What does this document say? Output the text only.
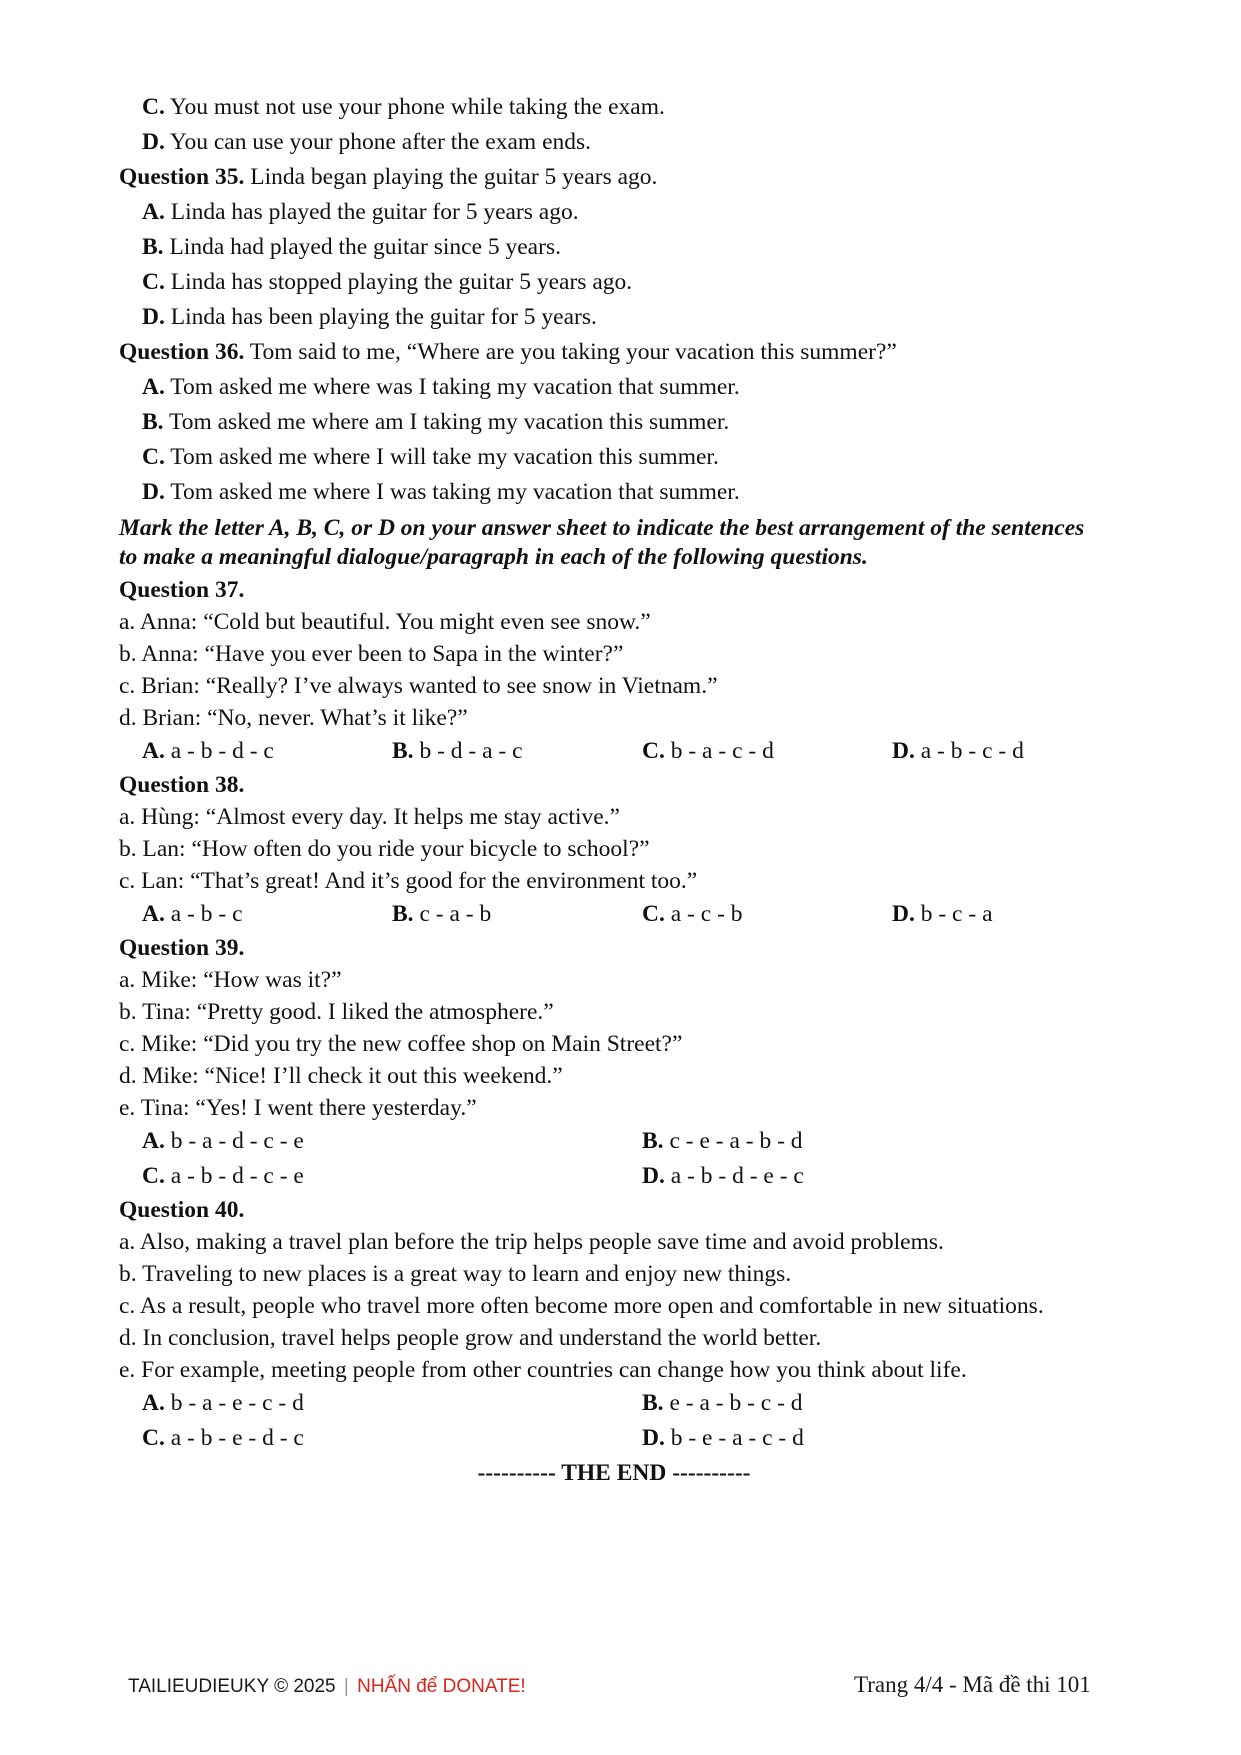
C. You must not use your phone while taking the exam.
D. You can use your phone after the exam ends.
Question 35. Linda began playing the guitar 5 years ago.
A. Linda has played the guitar for 5 years ago.
B. Linda had played the guitar since 5 years.
C. Linda has stopped playing the guitar 5 years ago.
D. Linda has been playing the guitar for 5 years.
Question 36. Tom said to me, “Where are you taking your vacation this summer?”
A. Tom asked me where was I taking my vacation that summer.
B. Tom asked me where am I taking my vacation this summer.
C. Tom asked me where I will take my vacation this summer.
D. Tom asked me where I was taking my vacation that summer.
Mark the letter A, B, C, or D on your answer sheet to indicate the best arrangement of the sentences
to make a meaningful dialogue/paragraph in each of the following questions.
Question 37.
a. Anna: “Cold but beautiful. You might even see snow.”
b. Anna: “Have you ever been to Sapa in the winter?”
c. Brian: “Really? I’ve always wanted to see snow in Vietnam.”
d. Brian: “No, never. What’s it like?”
A. a - b - d - c	B. b - d - a - c	C. b - a - c - d	D. a - b - c - d
Question 38.
a. Hùng: “Almost every day. It helps me stay active.”
b. Lan: “How often do you ride your bicycle to school?”
c. Lan: “That’s great! And it’s good for the environment too.”
A. a - b - c	B. c - a - b	C. a - c - b	D. b - c - a
Question 39.
a. Mike: “How was it?”
b. Tina: “Pretty good. I liked the atmosphere.”
c. Mike: “Did you try the new coffee shop on Main Street?”
d. Mike: “Nice! I’ll check it out this weekend.”
e. Tina: “Yes! I went there yesterday.”
A. b - a - d - c - e	B. c - e - a - b - d
C. a - b - d - c - e	D. a - b - d - e - c
Question 40.
a. Also, making a travel plan before the trip helps people save time and avoid problems.
b. Traveling to new places is a great way to learn and enjoy new things.
c. As a result, people who travel more often become more open and comfortable in new situations.
d. In conclusion, travel helps people grow and understand the world better.
e. For example, meeting people from other countries can change how you think about life.
A. b - a - e - c - d	B. e - a - b - c - d
C. a - b - e - d - c	D. b - e - a - c - d
---------- THE END ----------
TAILIEUDIEUKY © 2025 | NHẤN để DONATE!	Trang 4/4 - Mã đề thi 101
